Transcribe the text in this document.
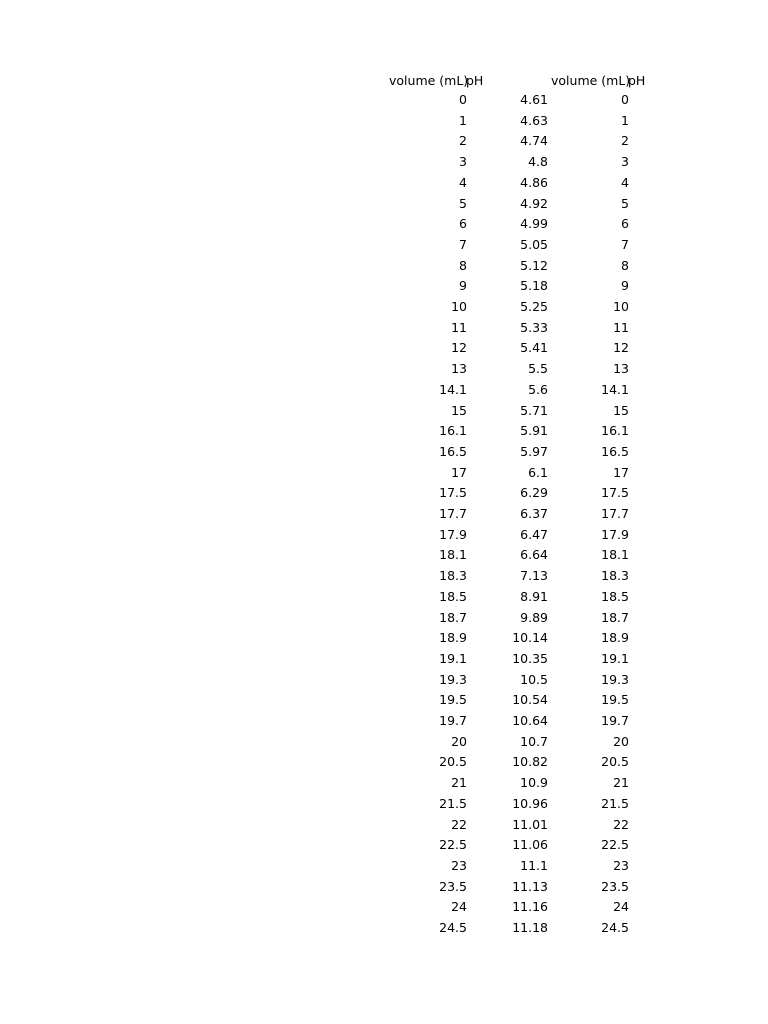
volume (mL)
pH	volume (mL)
pH
0
1
2
3
4
5
6
7
8
9
10
11
12
13
14.1
15
16.1
16.5
17
17.5
17.7
17.9
18.1
18.3
18.5
18.7
18.9
19.1
19.3
19.5
19.7
20
20.5
21
21.5
22
22.5
23
23.5
24
24.5
4.61
4.63
4.74
4.8
4.86
4.92
4.99
5.05
5.12
5.18
5.25
5.33
5.41
5.5
5.6
5.71
5.91
5.97
6.1
6.29
6.37
6.47
6.64
7.13
8.91
9.89
10.14
10.35
10.5
10.54
10.64
10.7
10.82
10.9
10.96
11.01
11.06
11.1
11.13
11.16
11.18
0
1
2
3
4
5
6
7
8
9
10
11
12
13
14.1
15
16.1
16.5
17
17.5
17.7
17.9
18.1
18.3
18.5
18.7
18.9
19.1
19.3
19.5
19.7
20
20.5
21
21.5
22
22.5
23
23.5
24
24.5
